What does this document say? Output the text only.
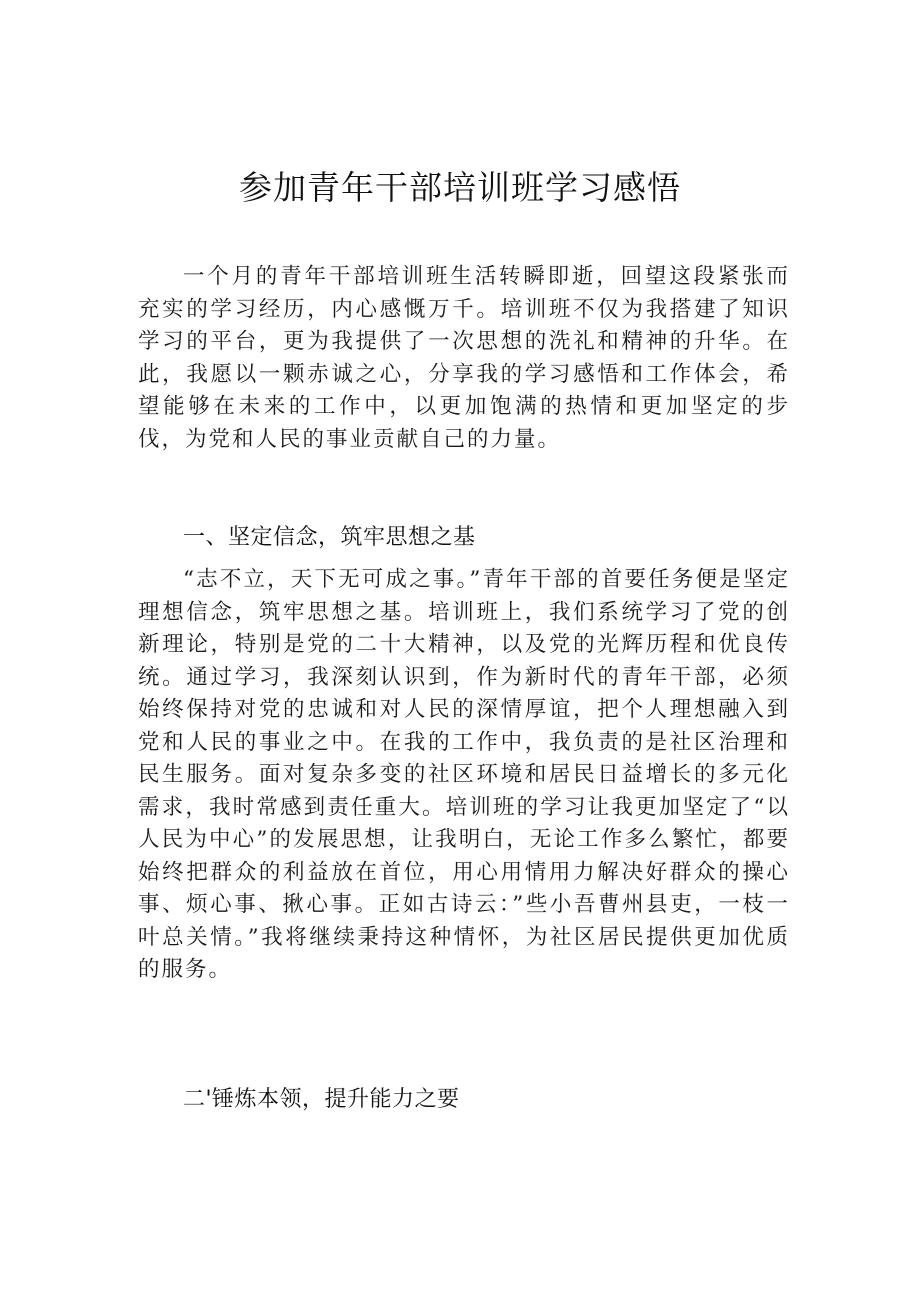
参加青年干部培训班学习感悟

一个月的青年干部培训班生活转瞬即逝，回望这段紧张而充实的学习经历，内心感慨万千。培训班不仅为我搭建了知识学习的平台，更为我提供了一次思想的洗礼和精神的升华。在此，我愿以一颗赤诚之心，分享我的学习感悟和工作体会，希望能够在未来的工作中，以更加饱满的热情和更加坚定的步伐，为党和人民的事业贡献自己的力量。

一、坚定信念，筑牢思想之基

“志不立，天下无可成之事。”青年干部的首要任务便是坚定理想信念，筑牢思想之基。培训班上，我们系统学习了党的创新理论，特别是党的二十大精神，以及党的光辉历程和优良传统。通过学习，我深刻认识到，作为新时代的青年干部，必须始终保持对党的忠诚和对人民的深情厚谊，把个人理想融入到党和人民的事业之中。在我的工作中，我负责的是社区治理和民生服务。面对复杂多变的社区环境和居民日益增长的多元化需求，我时常感到责任重大。培训班的学习让我更加坚定了“以人民为中心”的发展思想，让我明白，无论工作多么繁忙，都要始终把群众的利益放在首位，用心用情用力解决好群众的操心事、烦心事、揪心事。正如古诗云：”些小吾曹州县吏，一枝一叶总关情。”我将继续秉持这种情怀，为社区居民提供更加优质的服务。

二'锤炼本领，提升能力之要
